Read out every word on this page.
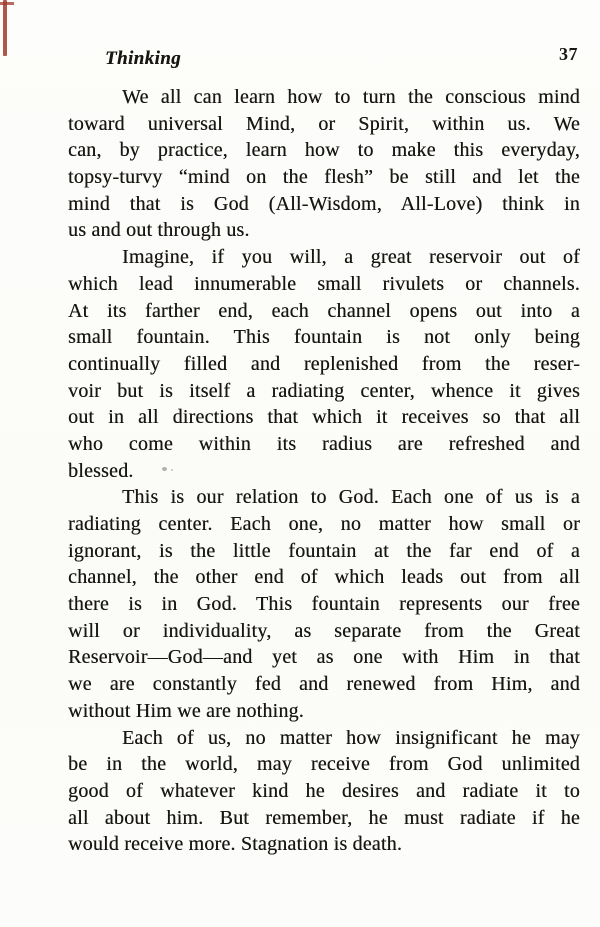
Thinking	37
We all can learn how to turn the conscious mind
toward universal Mind, or Spirit, within us. We
can, by practice, learn how to make this everyday,
topsy-turvy “mind on the flesh” be still and let the
mind that is God (All-Wisdom, All-Love) think in
us and out through us.
Imagine, if you will, a great reservoir out of
which lead innumerable small rivulets or channels.
At its farther end, each channel opens out into a
small fountain. This fountain is not only being
continually filled and replenished from the reser-
voir but is itself a radiating center, whence it gives
out in all directions that which it receives so that all
who come within its radius are refreshed and
blessed.
This is our relation to God. Each one of us is a
radiating center. Each one, no matter how small or
ignorant, is the little fountain at the far end of a
channel, the other end of which leads out from all
there is in God. This fountain represents our free
will or individuality, as separate from the Great
Reservoir—God—and yet as one with Him in that
we are constantly fed and renewed from Him, and
without Him we are nothing.
Each of us, no matter how insignificant he may
be in the world, may receive from God unlimited
good of whatever kind he desires and radiate it to
all about him. But remember, he must radiate if he
would receive more. Stagnation is death.
